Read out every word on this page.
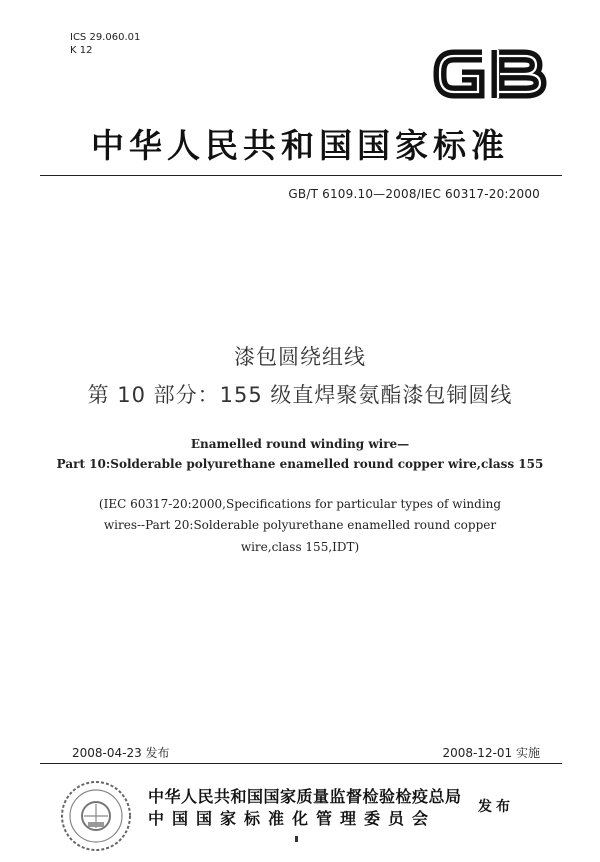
ICS 29.060.01
K 12
中华人民共和国国家标准
GB/T 6109.10—2008/IEC 60317-20:2000
漆包圆绕组线
第 10 部分：155 级直焊聚氨酯漆包铜圆线
Enamelled round winding wire—
Part 10:Solderable polyurethane enamelled round copper wire,class 155
(IEC 60317-20:2000,Specifications for particular types of winding
wires--Part 20:Solderable polyurethane enamelled round copper
wire,class 155,IDT)
2008-04-23 发布	2008-12-01 实施
中华人民共和国国家质量监督检验检疫总局
中国国家标准化管理委员会
发布
